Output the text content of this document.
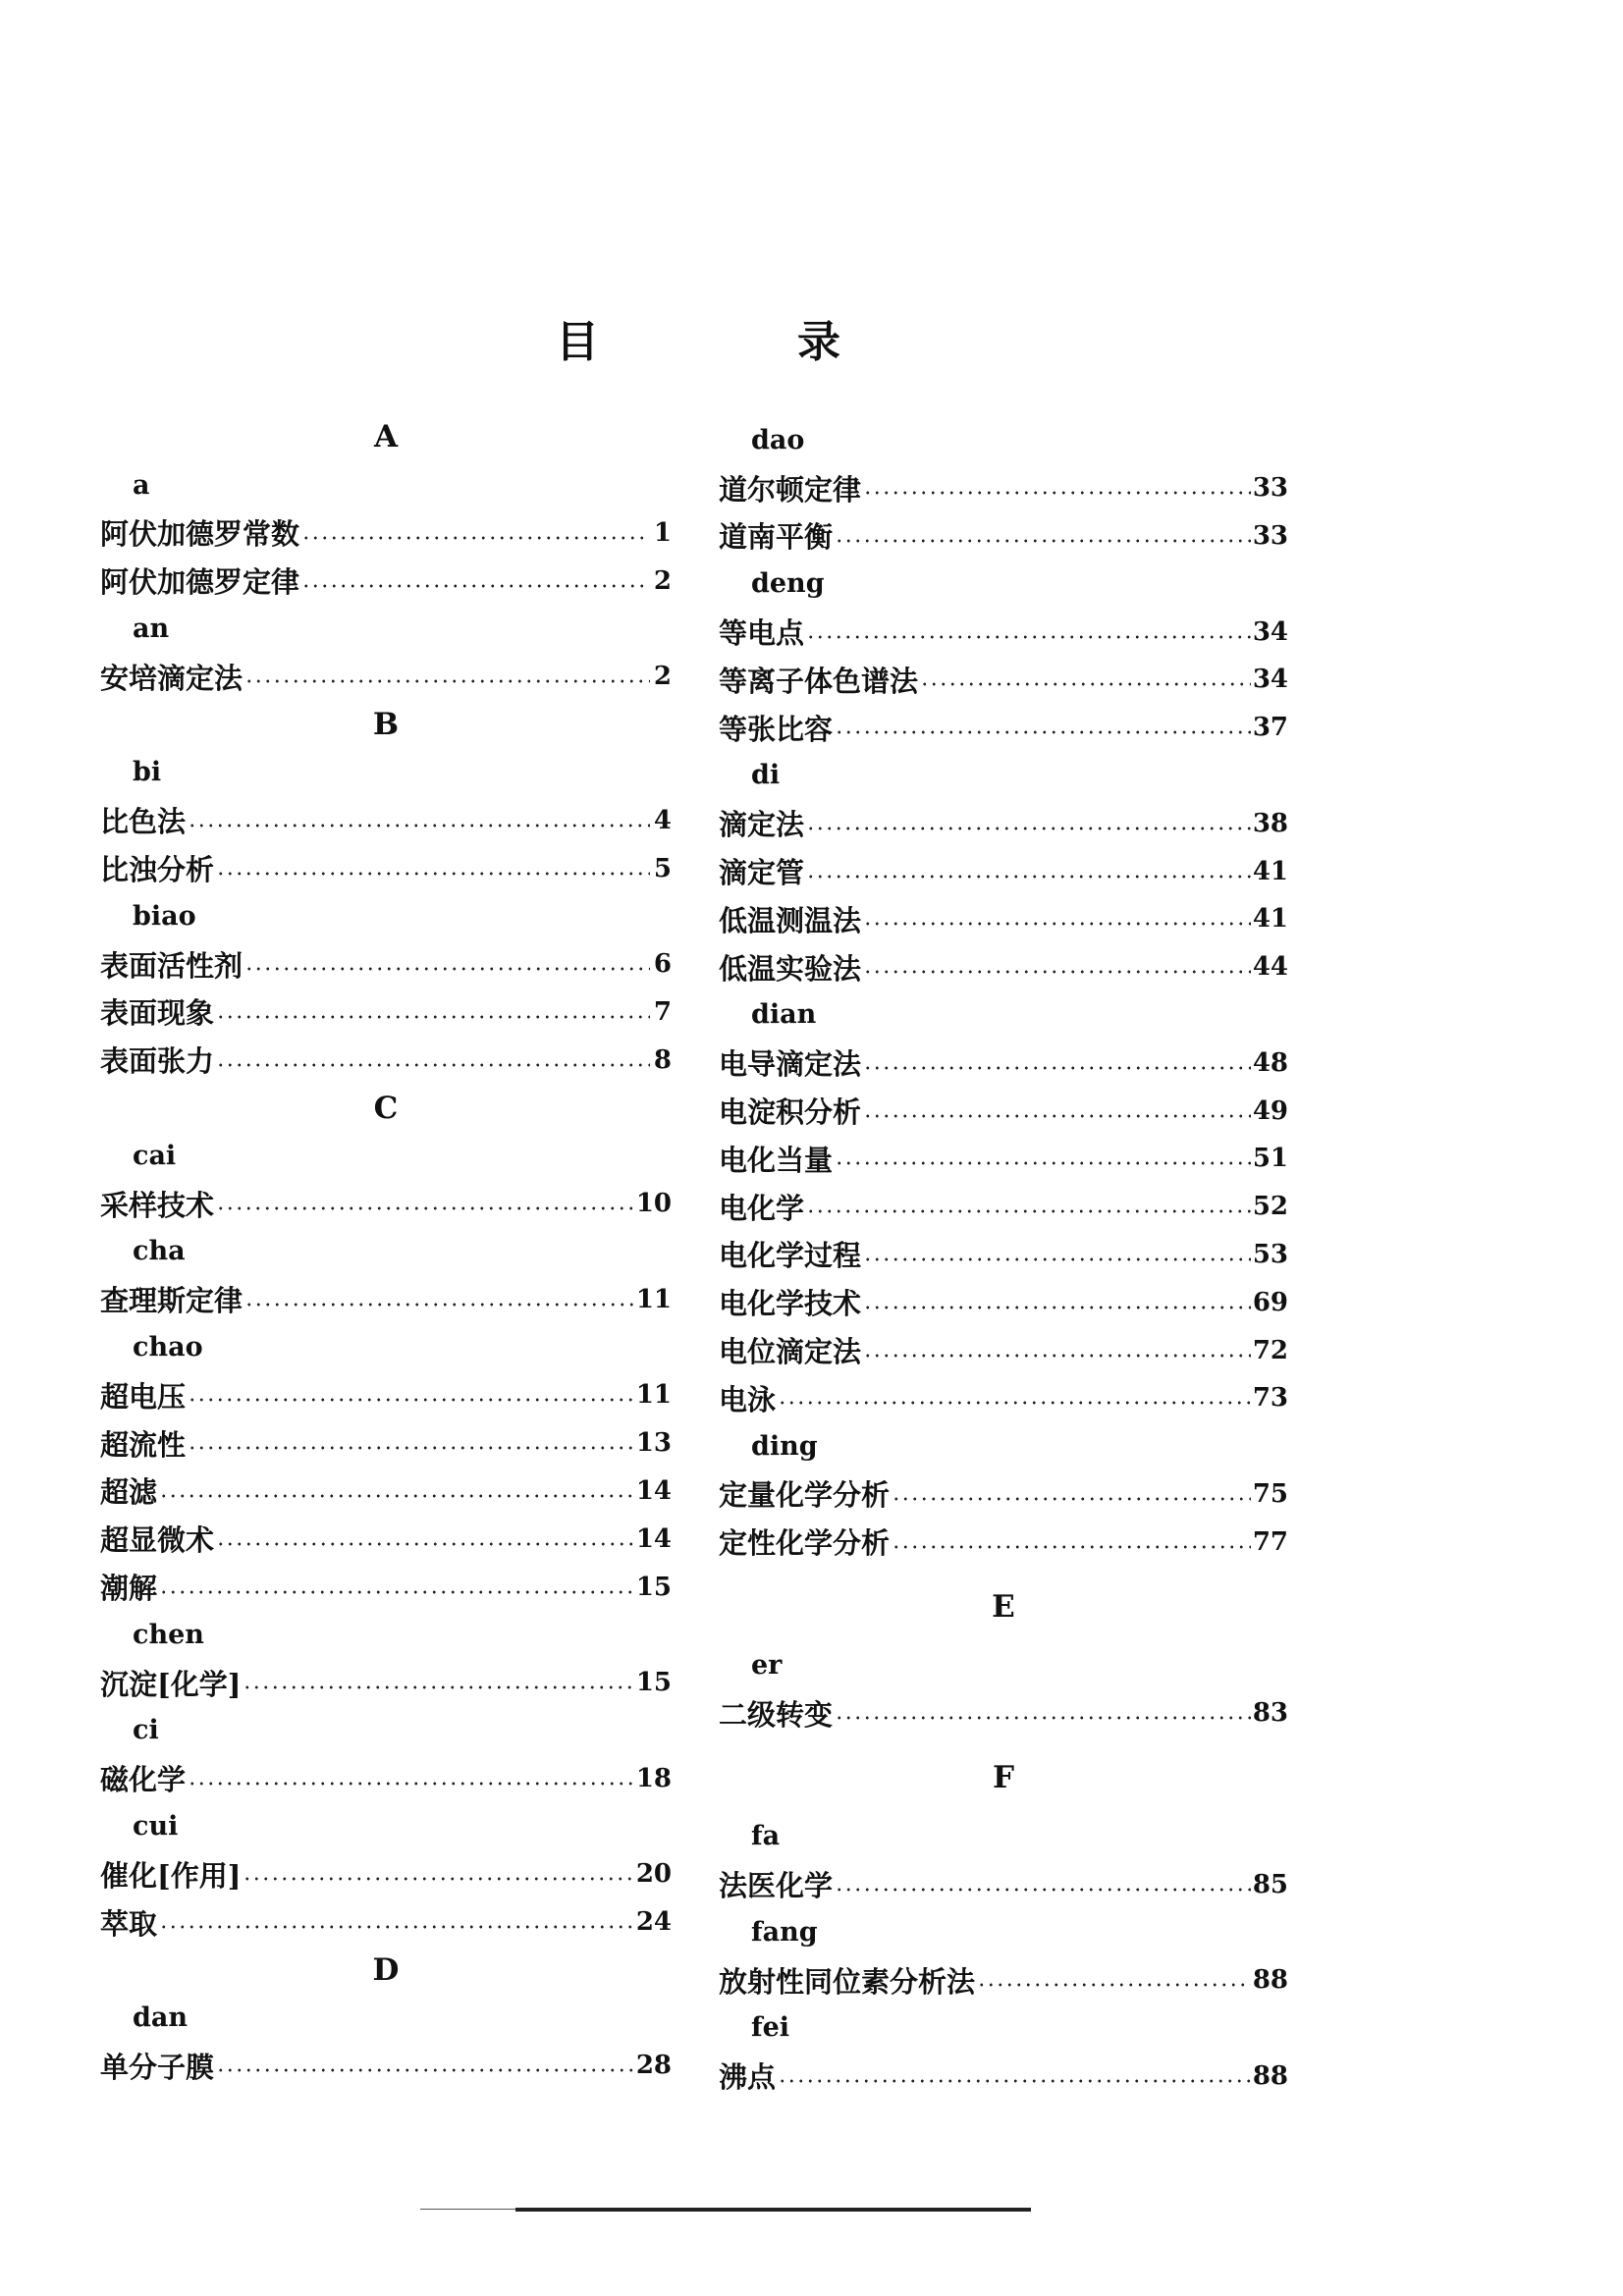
目	录
A
a
阿伏加德罗常数	1
阿伏加德罗定律	2
an
安培滴定法	2
B
bi
比色法	4
比浊分析	5
biao
表面活性剂	6
表面现象	7
表面张力	8
C
cai
采样技术	10
cha
查理斯定律	11
chao
超电压	11
超流性	13
超滤	14
超显微术	14
潮解	15
chen
沉淀[化学]	15
ci
磁化学	18
cui
催化[作用]	20
萃取	24
D
dan
单分子膜	28
dao
道尔顿定律	33
道南平衡	33
deng
等电点	34
等离子体色谱法	34
等张比容	37
di
滴定法	38
滴定管	41
低温测温法	41
低温实验法	44
dian
电导滴定法	48
电淀积分析	49
电化当量	51
电化学	52
电化学过程	53
电化学技术	69
电位滴定法	72
电泳	73
ding
定量化学分析	75
定性化学分析	77
E
er
二级转变	83
F
fa
法医化学	85
fang
放射性同位素分析法	88
fei
沸点	88
